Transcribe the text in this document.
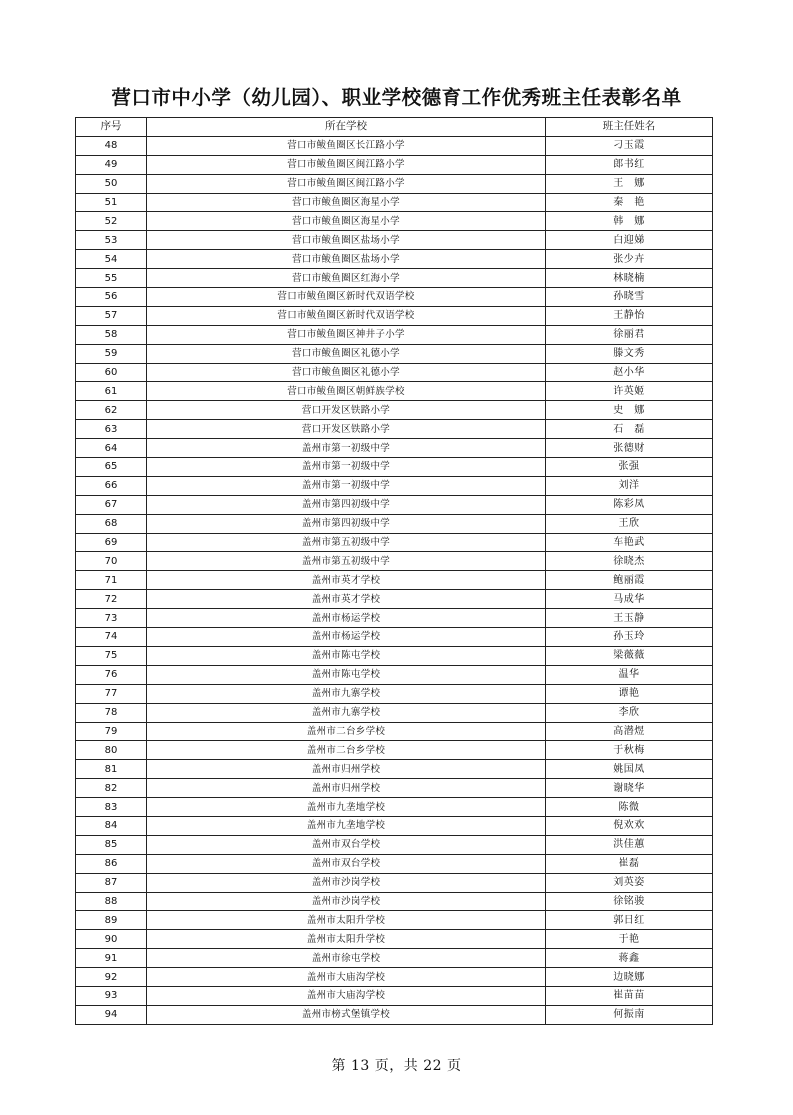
营口市中小学（幼儿园）、职业学校德育工作优秀班主任表彰名单
序号	所在学校	班主任姓名
48	营口市鲅鱼圈区长江路小学	刁玉霞
49	营口市鲅鱼圈区闽江路小学	郎书红
50	营口市鲅鱼圈区闽江路小学	王　娜
51	营口市鲅鱼圈区海星小学	秦　艳
52	营口市鲅鱼圈区海星小学	韩　娜
53	营口市鲅鱼圈区盐场小学	白迎娣
54	营口市鲅鱼圈区盐场小学	张少卉
55	营口市鲅鱼圈区红海小学	林晓楠
56	营口市鲅鱼圈区新时代双语学校	孙晓雪
57	营口市鲅鱼圈区新时代双语学校	王静怡
58	营口市鲅鱼圈区神井子小学	徐丽君
59	营口市鲅鱼圈区礼德小学	滕文秀
60	营口市鲅鱼圈区礼德小学	赵小华
61	营口市鲅鱼圈区朝鲜族学校	许英姬
62	营口开发区铁路小学	史　娜
63	营口开发区铁路小学	石　磊
64	盖州市第一初级中学	张德财
65	盖州市第一初级中学	张强
66	盖州市第一初级中学	刘洋
67	盖州市第四初级中学	陈彩凤
68	盖州市第四初级中学	王欣
69	盖州市第五初级中学	车艳武
70	盖州市第五初级中学	徐晓杰
71	盖州市英才学校	鲍丽霞
72	盖州市英才学校	马成华
73	盖州市杨运学校	王玉静
74	盖州市杨运学校	孙玉玲
75	盖州市陈屯学校	梁薇薇
76	盖州市陈屯学校	温华
77	盖州市九寨学校	谭艳
78	盖州市九寨学校	李欣
79	盖州市二台乡学校	高潜煜
80	盖州市二台乡学校	于秋梅
81	盖州市归州学校	姚国凤
82	盖州市归州学校	谢晓华
83	盖州市九垄地学校	陈微
84	盖州市九垄地学校	倪欢欢
85	盖州市双台学校	洪佳蕙
86	盖州市双台学校	崔磊
87	盖州市沙岗学校	刘英姿
88	盖州市沙岗学校	徐铭骏
89	盖州市太阳升学校	郭日红
90	盖州市太阳升学校	于艳
91	盖州市徐屯学校	蒋鑫
92	盖州市大庙沟学校	边晓娜
93	盖州市大庙沟学校	崔苗苗
94	盖州市榜式堡镇学校	何振南
第 13 页，共 22 页
